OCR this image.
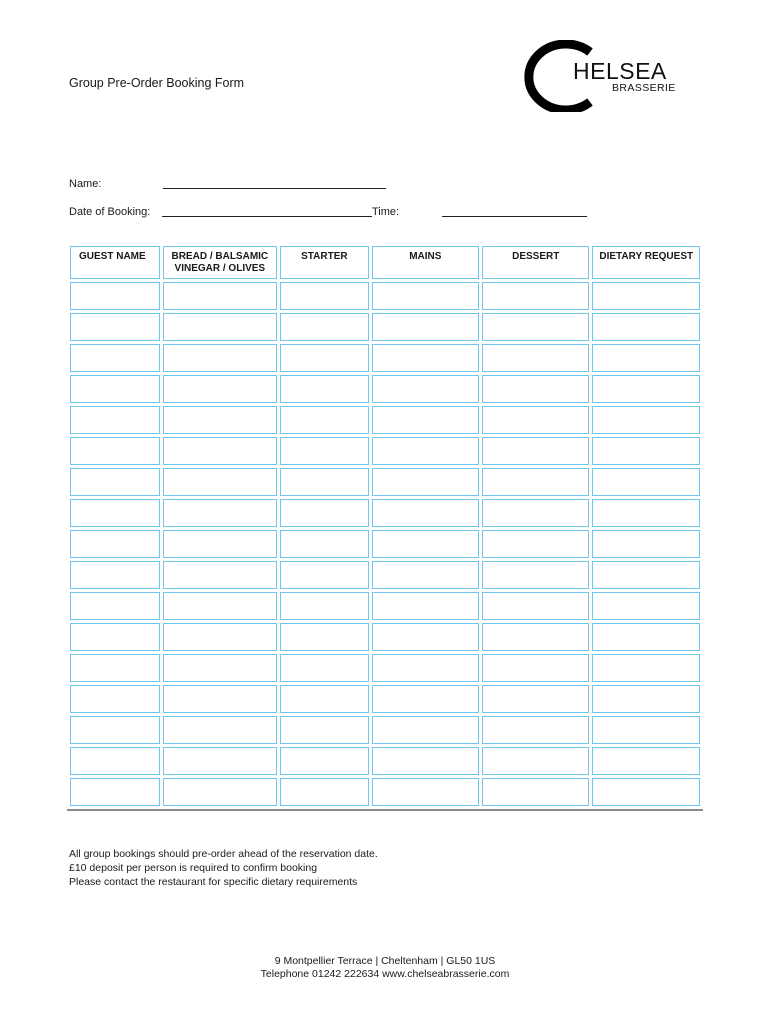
Group Pre-Order Booking Form	HELSEA
BRASSERIE
Name:
Date of Booking:	Time:
GUEST NAME	BREAD / BALSAMIC VINEGAR / OLIVES	STARTER	MAINS	DESSERT	DIETARY REQUEST

All group bookings should pre-order ahead of the reservation date.

£10 deposit per person is required to confirm booking

Please contact the restaurant for specific dietary requirements

9 Montpellier Terrace | Cheltenham | GL50 1US

Telephone 01242 222634 www.chelseabrasserie.com
